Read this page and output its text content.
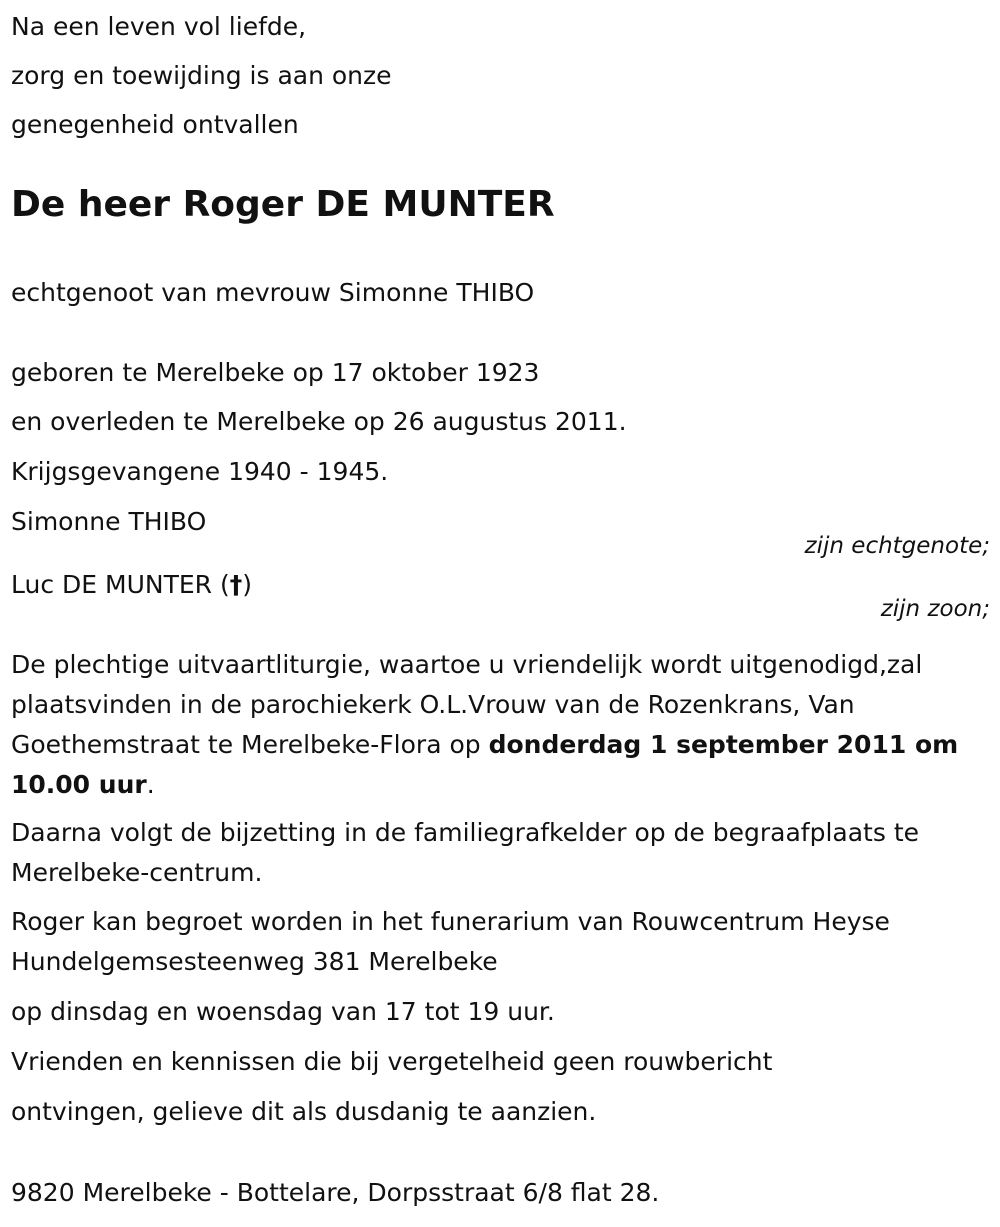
Na een leven vol liefde,
zorg en toewijding is aan onze
genegenheid ontvallen
De heer Roger DE MUNTER
echtgenoot van mevrouw Simonne THIBO
geboren te Merelbeke op 17 oktober 1923
en overleden te Merelbeke op 26 augustus 2011.
Krijgsgevangene 1940 - 1945.
Simonne THIBO
zijn echtgenote;
Luc DE MUNTER (†)
zijn zoon;
De plechtige uitvaartliturgie, waartoe u vriendelijk wordt uitgenodigd,zal plaatsvinden in de parochiekerk O.L.Vrouw van de Rozenkrans, Van Goethemstraat te Merelbeke-Flora op donderdag 1 september 2011 om 10.00 uur.
Daarna volgt de bijzetting in de familiegrafkelder op de begraafplaats te Merelbeke-centrum.
Roger kan begroet worden in het funerarium van Rouwcentrum Heyse Hundelgemsesteenweg 381 Merelbeke
op dinsdag en woensdag van 17 tot 19 uur.
Vrienden en kennissen die bij vergetelheid geen rouwbericht
ontvingen, gelieve dit als dusdanig te aanzien.
9820 Merelbeke - Bottelare, Dorpsstraat 6/8 flat 28.
